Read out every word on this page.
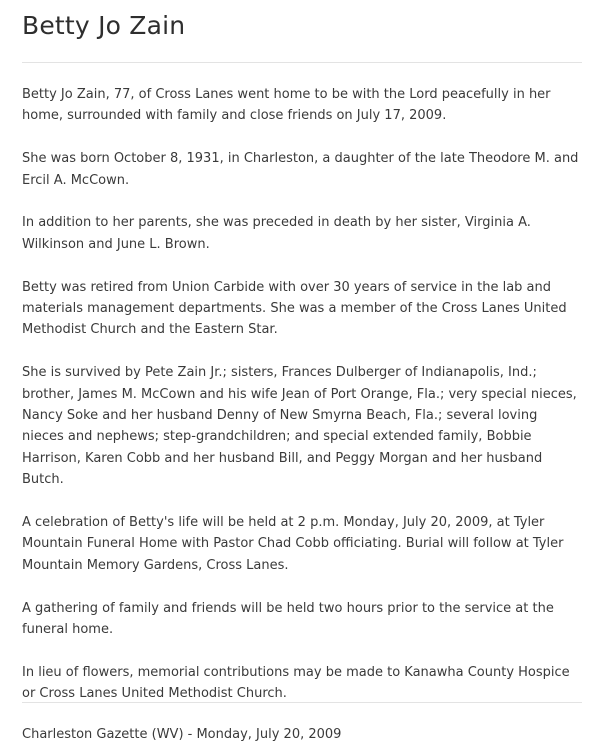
Betty Jo Zain

Betty Jo Zain, 77, of Cross Lanes went home to be with the Lord peacefully in her home, surrounded with family and close friends on July 17, 2009.

She was born October 8, 1931, in Charleston, a daughter of the late Theodore M. and Ercil A. McCown.

In addition to her parents, she was preceded in death by her sister, Virginia A. Wilkinson and June L. Brown.

Betty was retired from Union Carbide with over 30 years of service in the lab and materials management departments. She was a member of the Cross Lanes United Methodist Church and the Eastern Star.

She is survived by Pete Zain Jr.; sisters, Frances Dulberger of Indianapolis, Ind.; brother, James M. McCown and his wife Jean of Port Orange, Fla.; very special nieces, Nancy Soke and her husband Denny of New Smyrna Beach, Fla.; several loving nieces and nephews; step-grandchildren; and special extended family, Bobbie Harrison, Karen Cobb and her husband Bill, and Peggy Morgan and her husband Butch.

A celebration of Betty's life will be held at 2 p.m. Monday, July 20, 2009, at Tyler Mountain Funeral Home with Pastor Chad Cobb officiating. Burial will follow at Tyler Mountain Memory Gardens, Cross Lanes.

A gathering of family and friends will be held two hours prior to the service at the funeral home.

In lieu of flowers, memorial contributions may be made to Kanawha County Hospice or Cross Lanes United Methodist Church.

Charleston Gazette (WV) - Monday, July 20, 2009
